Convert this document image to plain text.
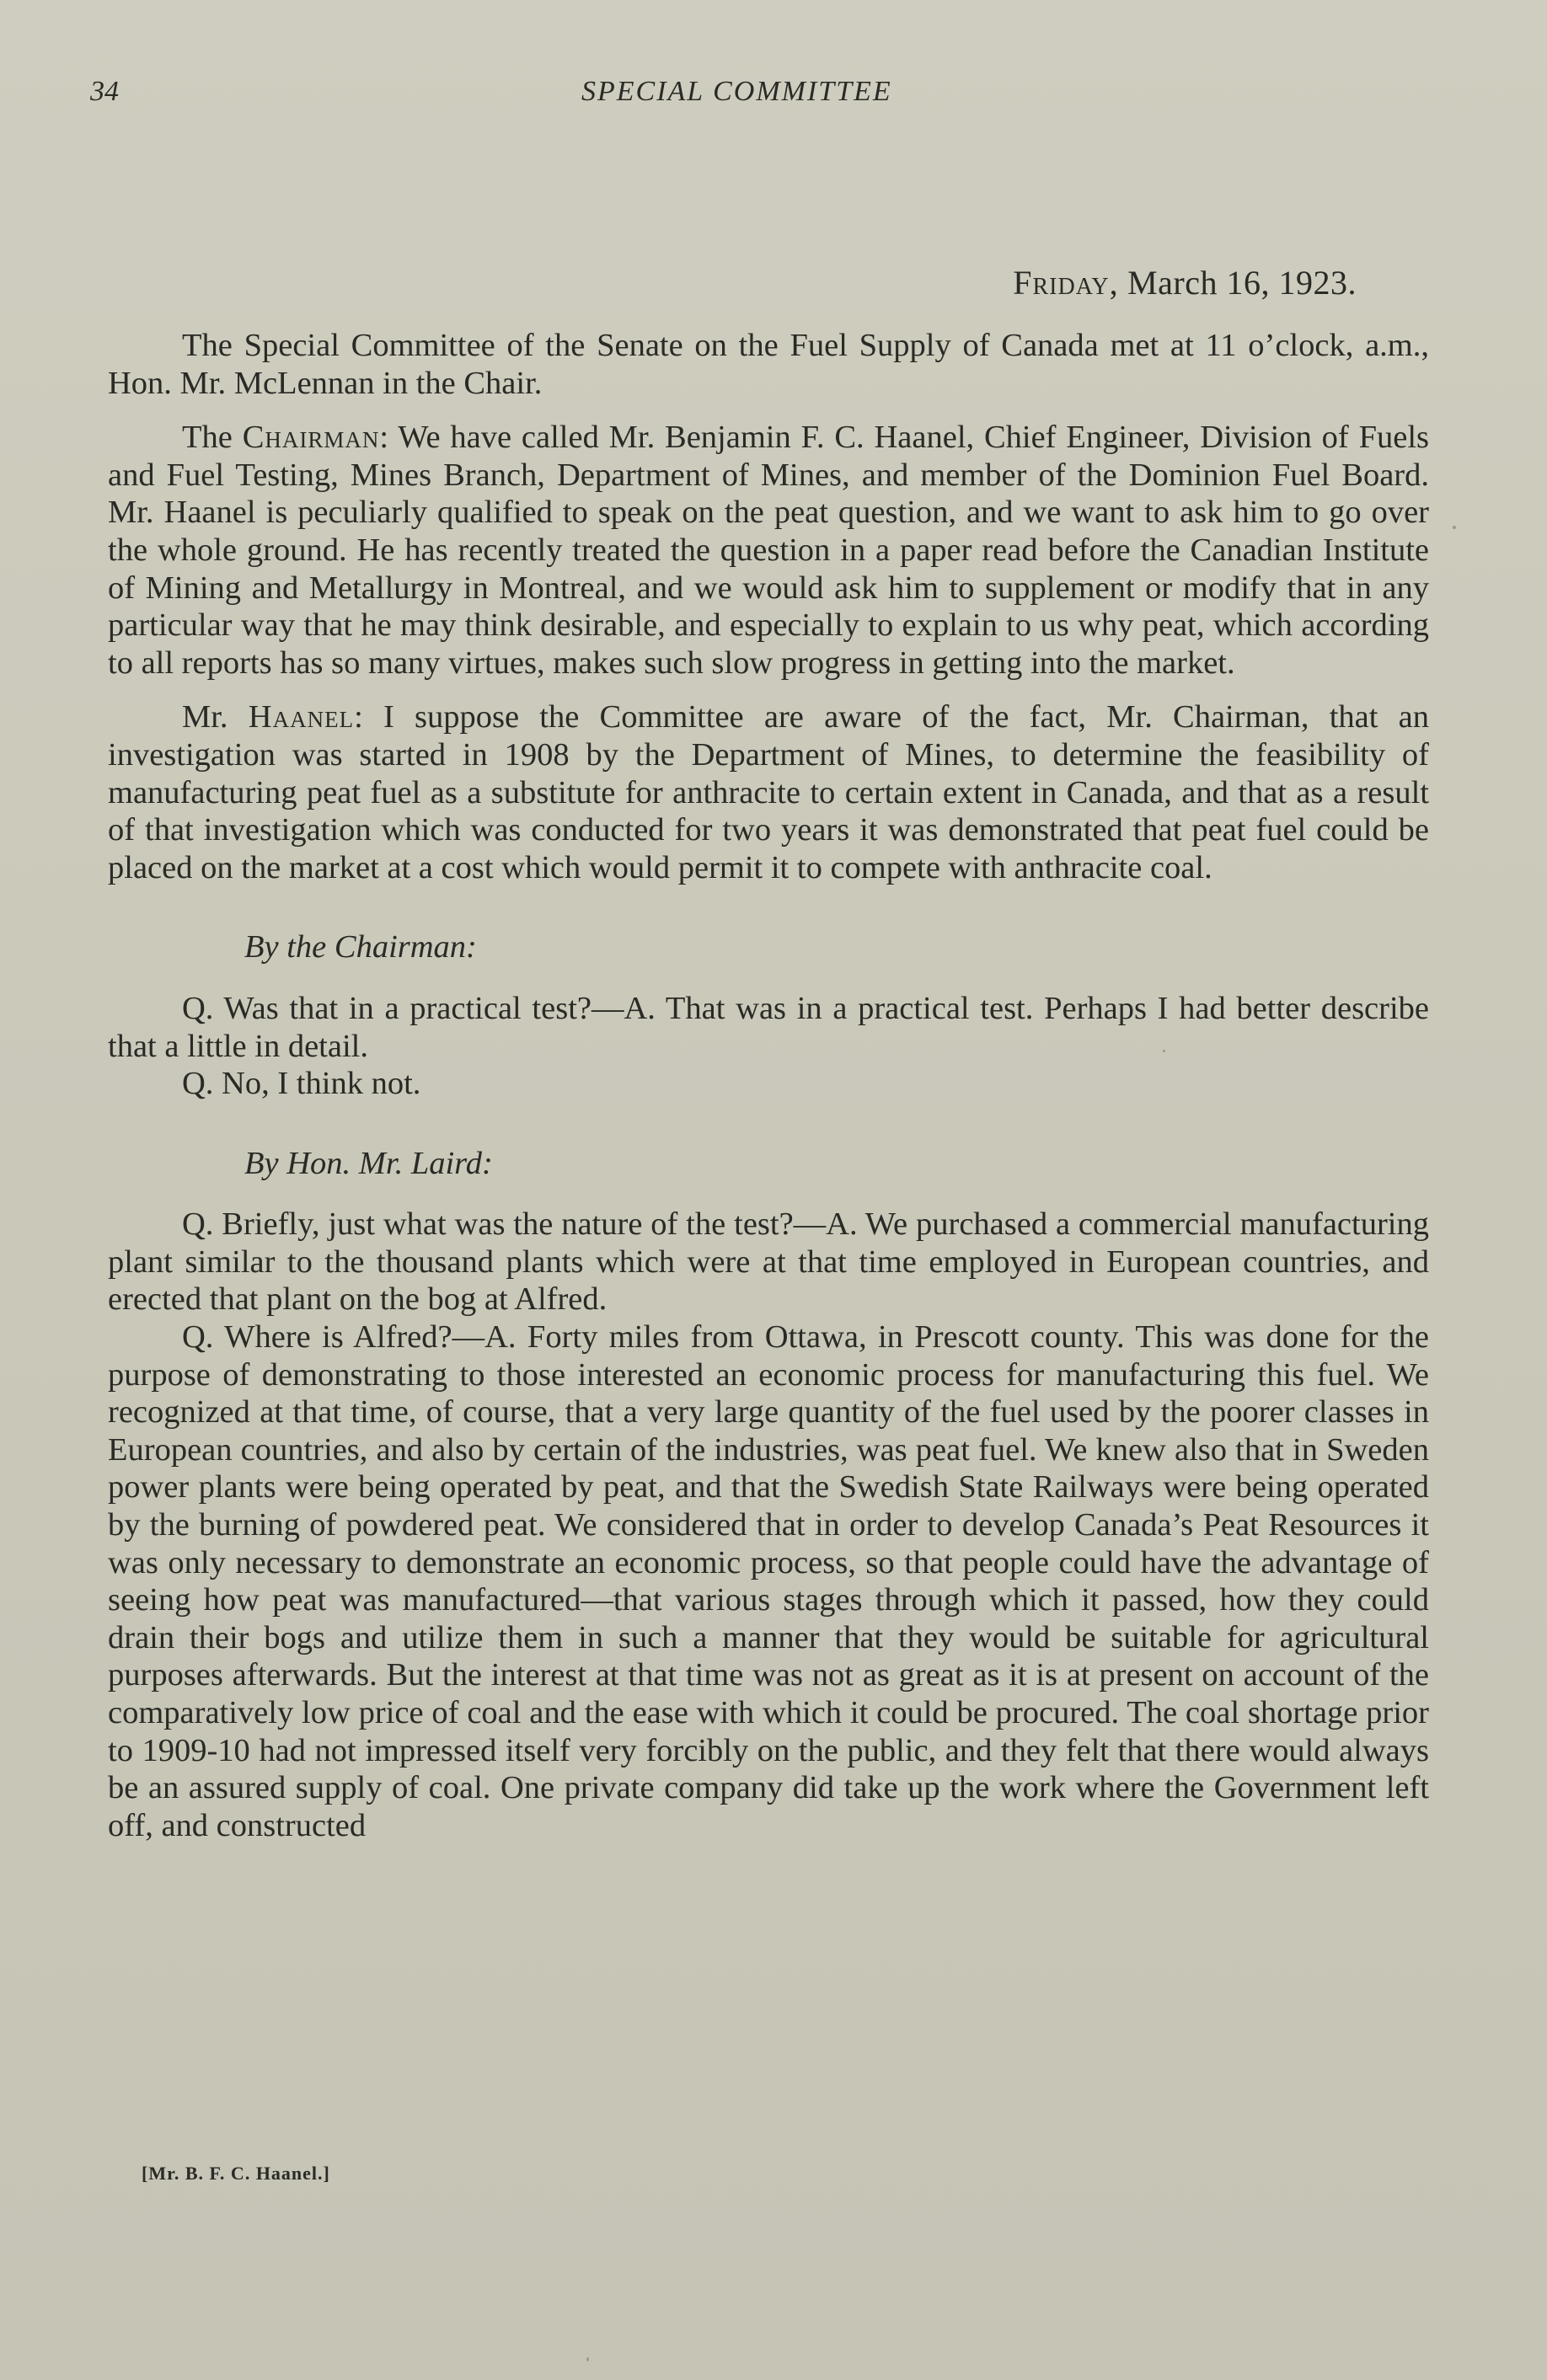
34	SPECIAL COMMITTEE
Friday, March 16, 1923.

The Special Committee of the Senate on the Fuel Supply of Canada met at 11 o’clock, a.m., Hon. Mr. McLennan in the Chair.

The Chairman: We have called Mr. Benjamin F. C. Haanel, Chief Engineer, Division of Fuels and Fuel Testing, Mines Branch, Department of Mines, and member of the Dominion Fuel Board. Mr. Haanel is peculiarly qualified to speak on the peat question, and we want to ask him to go over the whole ground. He has recently treated the question in a paper read before the Canadian Institute of Mining and Metallurgy in Montreal, and we would ask him to supplement or modify that in any particular way that he may think desirable, and especially to explain to us why peat, which according to all reports has so many virtues, makes such slow progress in getting into the market.

Mr. Haanel: I suppose the Committee are aware of the fact, Mr. Chairman, that an investigation was started in 1908 by the Department of Mines, to determine the feasibility of manufacturing peat fuel as a substitute for anthracite to certain extent in Canada, and that as a result of that investigation which was conducted for two years it was demonstrated that peat fuel could be placed on the market at a cost which would permit it to compete with anthracite coal.

By the Chairman:

Q. Was that in a practical test?—A. That was in a practical test. Perhaps I had better describe that a little in detail.

Q. No, I think not.

By Hon. Mr. Laird:

Q. Briefly, just what was the nature of the test?—A. We purchased a commercial manufacturing plant similar to the thousand plants which were at that time employed in European countries, and erected that plant on the bog at Alfred.

Q. Where is Alfred?—A. Forty miles from Ottawa, in Prescott county. This was done for the purpose of demonstrating to those interested an economic process for manufacturing this fuel. We recognized at that time, of course, that a very large quantity of the fuel used by the poorer classes in European countries, and also by certain of the industries, was peat fuel. We knew also that in Sweden power plants were being operated by peat, and that the Swedish State Railways were being operated by the burning of powdered peat. We considered that in order to develop Canada’s Peat Resources it was only necessary to demonstrate an economic process, so that people could have the advantage of seeing how peat was manufactured—that various stages through which it passed, how they could drain their bogs and utilize them in such a manner that they would be suitable for agricultural purposes afterwards. But the interest at that time was not as great as it is at present on account of the comparatively low price of coal and the ease with which it could be procured. The coal shortage prior to 1909-10 had not impressed itself very forcibly on the public, and they felt that there would always be an assured supply of coal. One private company did take up the work where the Government left off, and constructed

[Mr. B. F. C. Haanel.]
